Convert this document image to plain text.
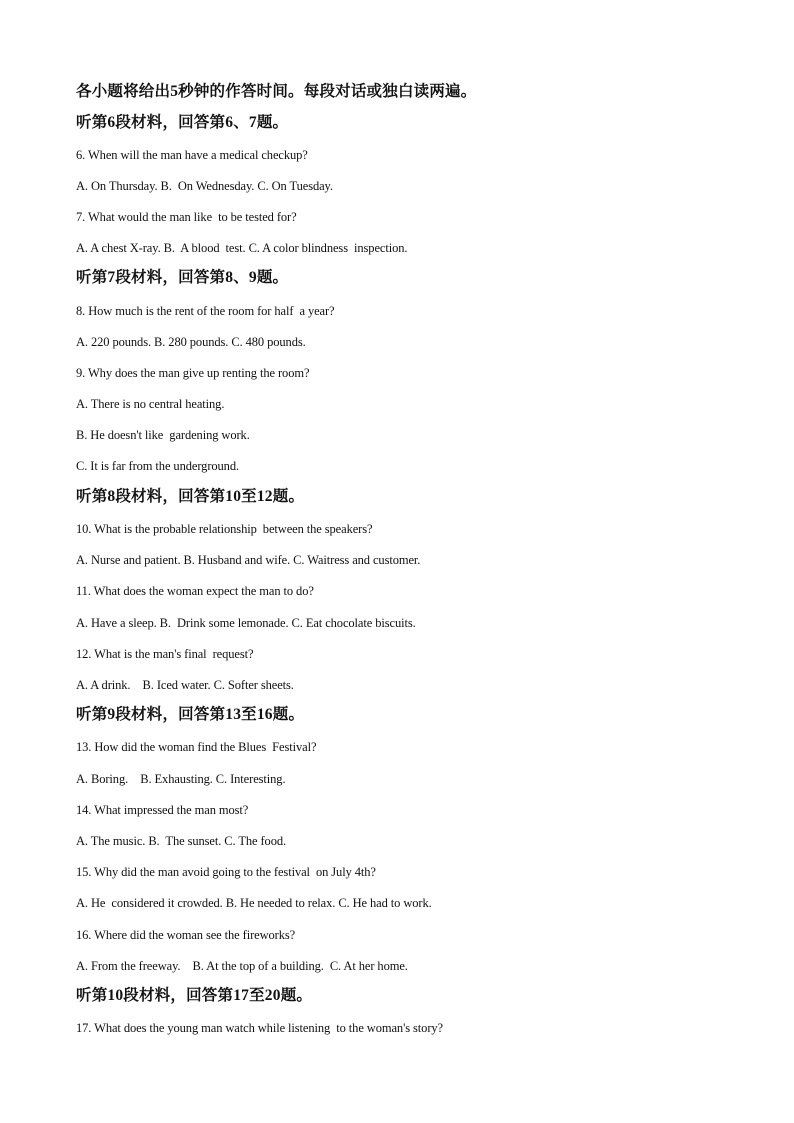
各小题将给出5秒钟的作答时间。每段对话或独白读两遍。
听第6段材料，回答第6、7题。
6. When will the man have a medical checkup?
A. On Thursday. B.  On Wednesday. C. On Tuesday.
7. What would the man like  to be tested for?
A. A chest X-ray. B.  A blood  test. C. A color blindness  inspection.
听第7段材料，回答第8、9题。
8. How much is the rent of the room for half  a year?
A. 220 pounds. B. 280 pounds. C. 480 pounds.
9. Why does the man give up renting the room?
A. There is no central heating.
B. He doesn't like  gardening work.
C. It is far from the underground.
听第8段材料，回答第10至12题。
10. What is the probable relationship  between the speakers?
A. Nurse and patient. B. Husband and wife. C. Waitress and customer.
11. What does the woman expect the man to do?
A. Have a sleep. B.  Drink some lemonade. C. Eat chocolate biscuits.
12. What is the man's final  request?
A. A drink.    B. Iced water. C. Softer sheets.
听第9段材料，回答第13至16题。
13. How did the woman find the Blues  Festival?
A. Boring.    B. Exhausting. C. Interesting.
14. What impressed the man most?
A. The music. B.  The sunset. C. The food.
15. Why did the man avoid going to the festival  on July 4th?
A. He  considered it crowded. B. He needed to relax. C. He had to work.
16. Where did the woman see the fireworks?
A. From the freeway.    B. At the top of a building.  C. At her home.
听第10段材料，回答第17至20题。
17. What does the young man watch while listening  to the woman's story?
